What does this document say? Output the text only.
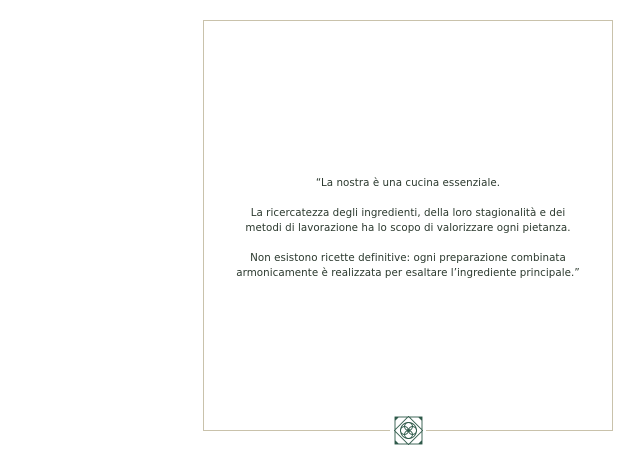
“La nostra è una cucina essenziale.

La ricercatezza degli ingredienti, della loro stagionalità e dei

metodi di lavorazione ha lo scopo di valorizzare ogni pietanza.

Non esistono ricette definitive: ogni preparazione combinata

armonicamente è realizzata per esaltare l’ingrediente principale.”
